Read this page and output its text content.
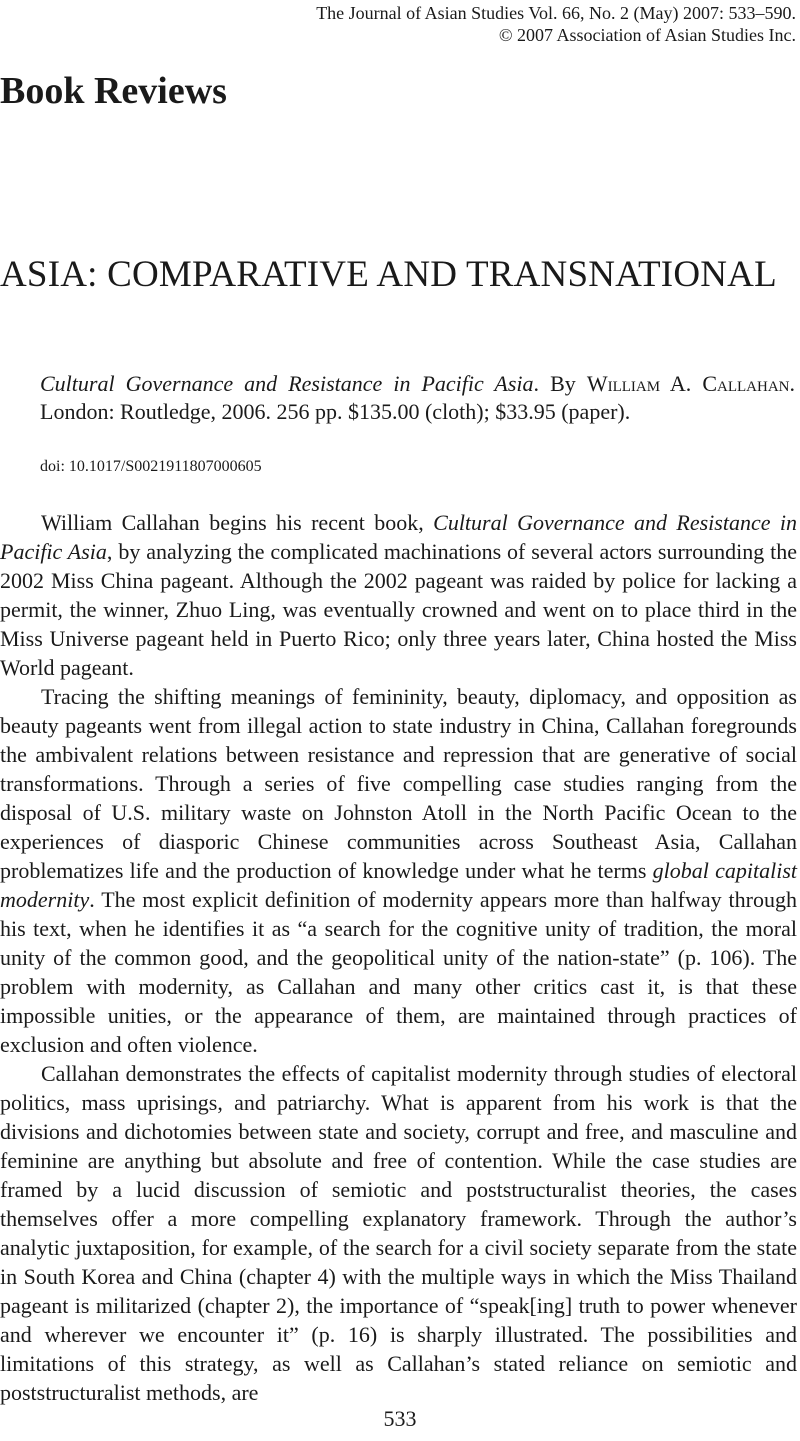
The Journal of Asian Studies Vol. 66, No. 2 (May) 2007: 533–590.
© 2007 Association of Asian Studies Inc.
Book Reviews
ASIA: COMPARATIVE AND TRANSNATIONAL
Cultural Governance and Resistance in Pacific Asia. By William A. Callahan. London: Routledge, 2006. 256 pp. $135.00 (cloth); $33.95 (paper).
doi: 10.1017/S0021911807000605

William Callahan begins his recent book, Cultural Governance and Resistance in Pacific Asia, by analyzing the complicated machinations of several actors surrounding the 2002 Miss China pageant. Although the 2002 pageant was raided by police for lacking a permit, the winner, Zhuo Ling, was eventually crowned and went on to place third in the Miss Universe pageant held in Puerto Rico; only three years later, China hosted the Miss World pageant.

Tracing the shifting meanings of femininity, beauty, diplomacy, and opposition as beauty pageants went from illegal action to state industry in China, Callahan foregrounds the ambivalent relations between resistance and repression that are generative of social transformations. Through a series of five compelling case studies ranging from the disposal of U.S. military waste on Johnston Atoll in the North Pacific Ocean to the experiences of diasporic Chinese communities across Southeast Asia, Callahan problematizes life and the production of knowledge under what he terms global capitalist modernity. The most explicit definition of modernity appears more than halfway through his text, when he identifies it as “a search for the cognitive unity of tradition, the moral unity of the common good, and the geopolitical unity of the nation-state” (p. 106). The problem with modernity, as Callahan and many other critics cast it, is that these impossible unities, or the appearance of them, are maintained through practices of exclusion and often violence.

Callahan demonstrates the effects of capitalist modernity through studies of electoral politics, mass uprisings, and patriarchy. What is apparent from his work is that the divisions and dichotomies between state and society, corrupt and free, and masculine and feminine are anything but absolute and free of contention. While the case studies are framed by a lucid discussion of semiotic and poststructuralist theories, the cases themselves offer a more compelling explanatory framework. Through the author’s analytic juxtaposition, for example, of the search for a civil society separate from the state in South Korea and China (chapter 4) with the multiple ways in which the Miss Thailand pageant is militarized (chapter 2), the importance of “speak[ing] truth to power whenever and wherever we encounter it” (p. 16) is sharply illustrated. The possibilities and limitations of this strategy, as well as Callahan’s stated reliance on semiotic and poststructuralist methods, are

533
